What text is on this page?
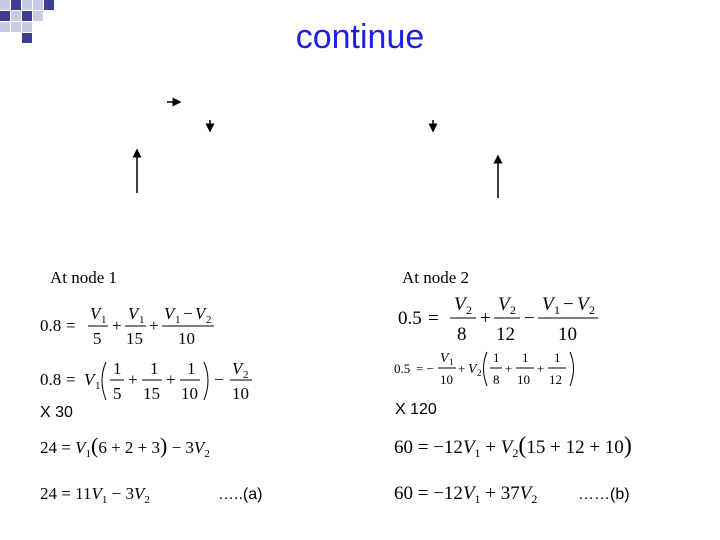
continue
At node 1	At node 2
0.8 =
V 1
5
+
V 1
15
+
V 1 − V 2
10
0.8 = V 1
1
5
+
1
15
+
1
10
−
V 2
10
X 30
$24 = V_1(6 + 2 + 3) - 3V_2$
$24 = 11V_1 - 3V_2$	…..(a)
0.5 =
V 2
8
+
V 2
12
−
V 1 − V 2
10
0.5 = −
V 1
10
+ V 2
1
8
+
1
10
+
1
12
X 120
$60 = -12V_1 + V_2(15 + 12 + 10)$
$60 = -12V_1 + 37V_2$	……(b)
